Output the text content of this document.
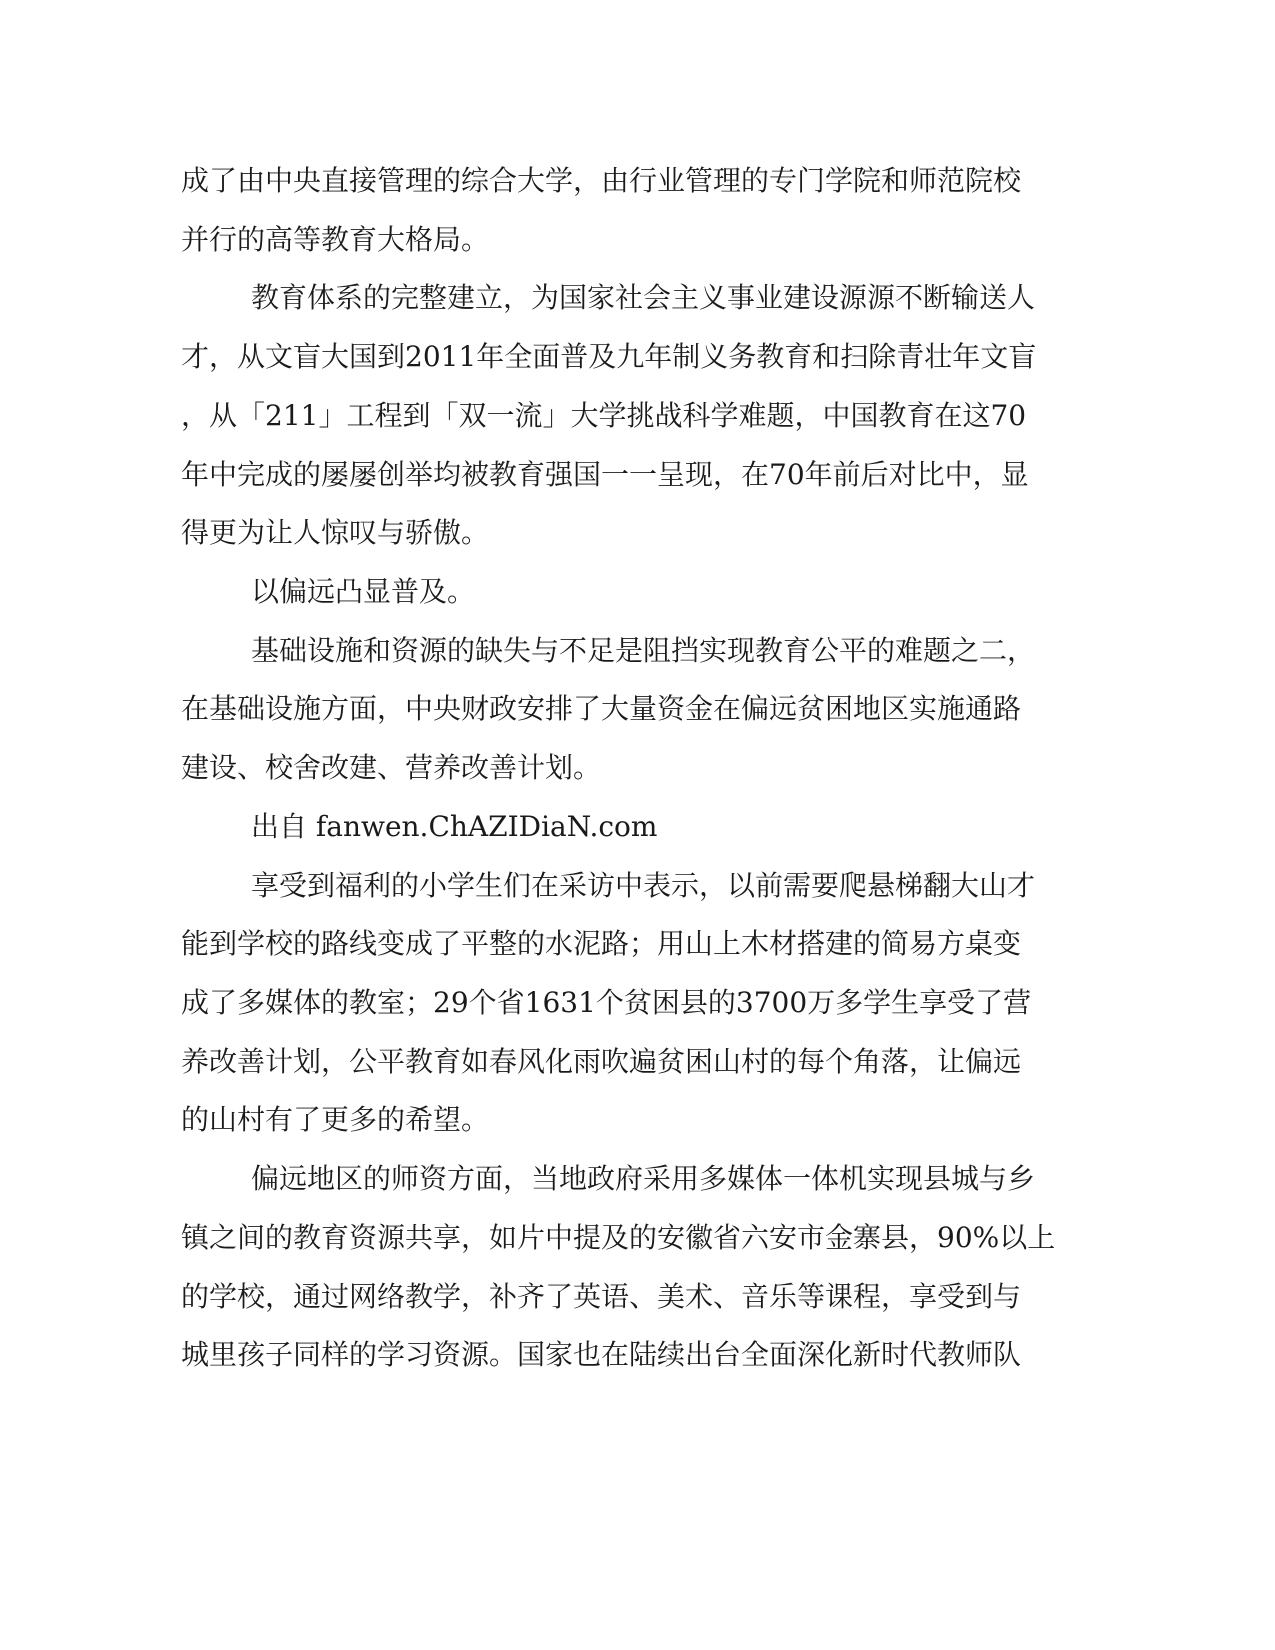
成了由中央直接管理的综合大学，由行业管理的专门学院和师范院校
并行的高等教育大格局。
教育体系的完整建立，为国家社会主义事业建设源源不断输送人
才，从文盲大国到2011年全面普及九年制义务教育和扫除青壮年文盲
，从「211」工程到「双一流」大学挑战科学难题，中国教育在这70
年中完成的屡屡创举均被教育强国一一呈现，在70年前后对比中，显
得更为让人惊叹与骄傲。
以偏远凸显普及。
基础设施和资源的缺失与不足是阻挡实现教育公平的难题之二，
在基础设施方面，中央财政安排了大量资金在偏远贫困地区实施通路
建设、校舍改建、营养改善计划。
出自 fanwen.ChAZIDiaN.com
享受到福利的小学生们在采访中表示，以前需要爬悬梯翻大山才
能到学校的路线变成了平整的水泥路；用山上木材搭建的简易方桌变
成了多媒体的教室；29个省1631个贫困县的3700万多学生享受了营
养改善计划，公平教育如春风化雨吹遍贫困山村的每个角落，让偏远
的山村有了更多的希望。
偏远地区的师资方面，当地政府采用多媒体一体机实现县城与乡
镇之间的教育资源共享，如片中提及的安徽省六安市金寨县，90%以上
的学校，通过网络教学，补齐了英语、美术、音乐等课程，享受到与
城里孩子同样的学习资源。国家也在陆续出台全面深化新时代教师队
